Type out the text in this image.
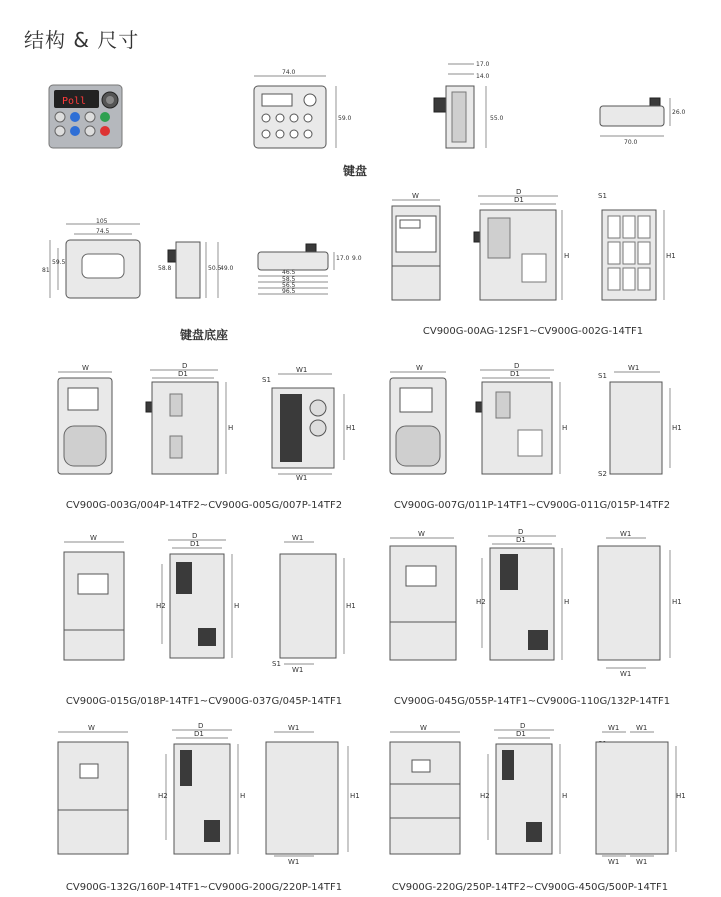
结构 & 尺寸
Poll
74.0
59.0
键盘
17.0
14.0
55.0
26.0
70.0
105
74.5
81
59.5
50.5
49.0
58.8
17.0 9.0
46.5
58.5
56.5
96.5
键盘底座
W	D
D1
H
S1
H1
CV900G-00AG-12SF1~CV900G-002G-14TF1
W	D
D1
H
S1
W1
H1
W1
CV900G-003G/004P-14TF2~CV900G-005G/007P-14TF2
W	D
D1
H
S1
W1
H1
S2
CV900G-007G/011P-14TF1~CV900G-011G/015P-14TF2
W	D
D1
H2	H
W1
H1
S1
W1
CV900G-015G/018P-14TF1~CV900G-037G/045P-14TF1
W	D
D1
H2	H
W1
H1
W1
CV900G-045G/055P-14TF1~CV900G-110G/132P-14TF1
W	D
D1
H2	H
W1
H1
W1
CV900G-132G/160P-14TF1~CV900G-200G/220P-14TF1
W	D
D1
H2	H
W1 W1
H1
W1 W1
CV900G-220G/250P-14TF2~CV900G-450G/500P-14TF1
